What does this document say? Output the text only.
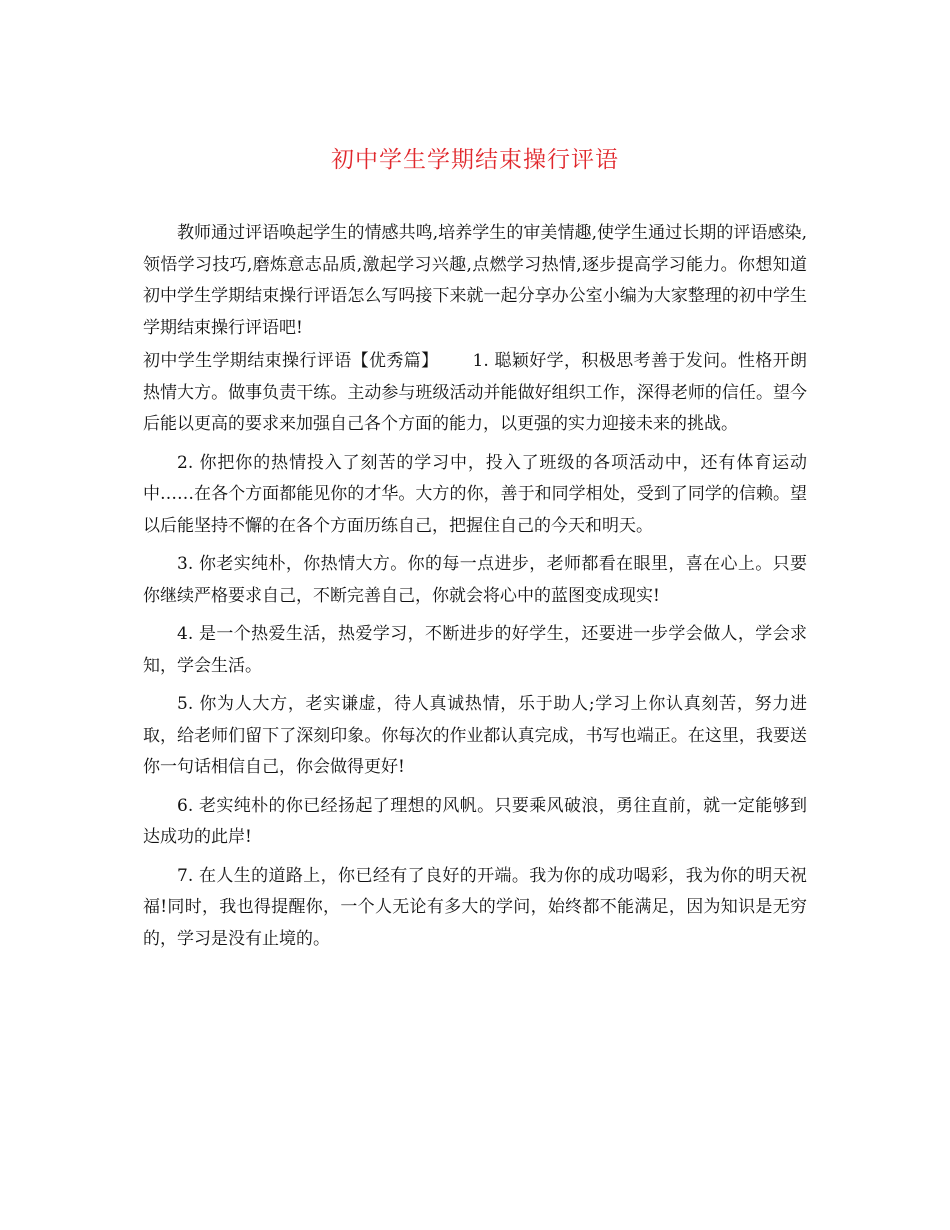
初中学生学期结束操行评语

教师通过评语唤起学生的情感共鸣,培养学生的审美情趣,使学生通过长期的评语感染,领悟学习技巧,磨炼意志品质,激起学习兴趣,点燃学习热情,逐步提高学习能力。你想知道初中学生学期结束操行评语怎么写吗接下来就一起分享办公室小编为大家整理的初中学生学期结束操行评语吧!

初中学生学期结束操行评语【优秀篇】 1. 聪颖好学，积极思考善于发问。性格开朗热情大方。做事负责干练。主动参与班级活动并能做好组织工作，深得老师的信任。望今后能以更高的要求来加强自己各个方面的能力，以更强的实力迎接未来的挑战。

2. 你把你的热情投入了刻苦的学习中，投入了班级的各项活动中，还有体育运动中……在各个方面都能见你的才华。大方的你，善于和同学相处，受到了同学的信赖。望以后能坚持不懈的在各个方面历练自己，把握住自己的今天和明天。

3. 你老实纯朴，你热情大方。你的每一点进步，老师都看在眼里，喜在心上。只要你继续严格要求自己，不断完善自己，你就会将心中的蓝图变成现实!

4. 是一个热爱生活，热爱学习，不断进步的好学生，还要进一步学会做人，学会求知，学会生活。

5. 你为人大方，老实谦虚，待人真诚热情，乐于助人;学习上你认真刻苦，努力进取，给老师们留下了深刻印象。你每次的作业都认真完成，书写也端正。在这里，我要送你一句话相信自己，你会做得更好!

6. 老实纯朴的你已经扬起了理想的风帆。只要乘风破浪，勇往直前，就一定能够到达成功的此岸!

7. 在人生的道路上，你已经有了良好的开端。我为你的成功喝彩，我为你的明天祝福!同时，我也得提醒你，一个人无论有多大的学问，始终都不能满足，因为知识是无穷的，学习是没有止境的。
